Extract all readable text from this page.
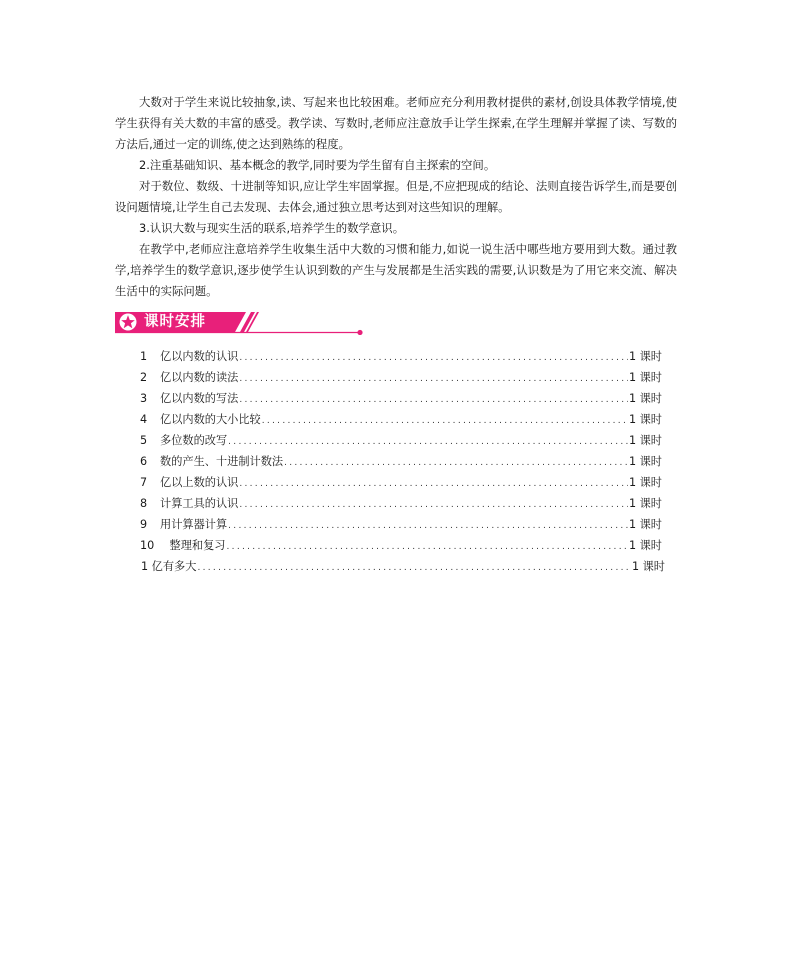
大数对于学生来说比较抽象,读、写起来也比较困难。老师应充分利用教材提供的素材,创设具体教学情境,使学生获得有关大数的丰富的感受。教学读、写数时,老师应注意放手让学生探索,在学生理解并掌握了读、写数的方法后,通过一定的训练,使之达到熟练的程度。

2.注重基础知识、基本概念的教学,同时要为学生留有自主探索的空间。

对于数位、数级、十进制等知识,应让学生牢固掌握。但是,不应把现成的结论、法则直接告诉学生,而是要创设问题情境,让学生自己去发现、去体会,通过独立思考达到对这些知识的理解。

3.认识大数与现实生活的联系,培养学生的数学意识。

在教学中,老师应注意培养学生收集生活中大数的习惯和能力,如说一说生活中哪些地方要用到大数。通过教学,培养学生的数学意识,逐步使学生认识到数的产生与发展都是生活实践的需要,认识数是为了用它来交流、解决生活中的实际问题。

课时安排
1	亿以内数的认识 .....	1 课时
2	亿以内数的读法 .....	1 课时
3	亿以内数的写法 .....	1 课时
4	亿以内数的大小比较 .....	1 课时
5	多位数的改写 .....	1 课时
6	数的产生、十进制计数法 .....	1 课时
7	亿以上数的认识 .....	1 课时
8	计算工具的认识 .....	1 课时
9	用计算器计算 .....	1 课时
10	整理和复习 .....	1 课时
1 亿有多大 .....	1 课时
